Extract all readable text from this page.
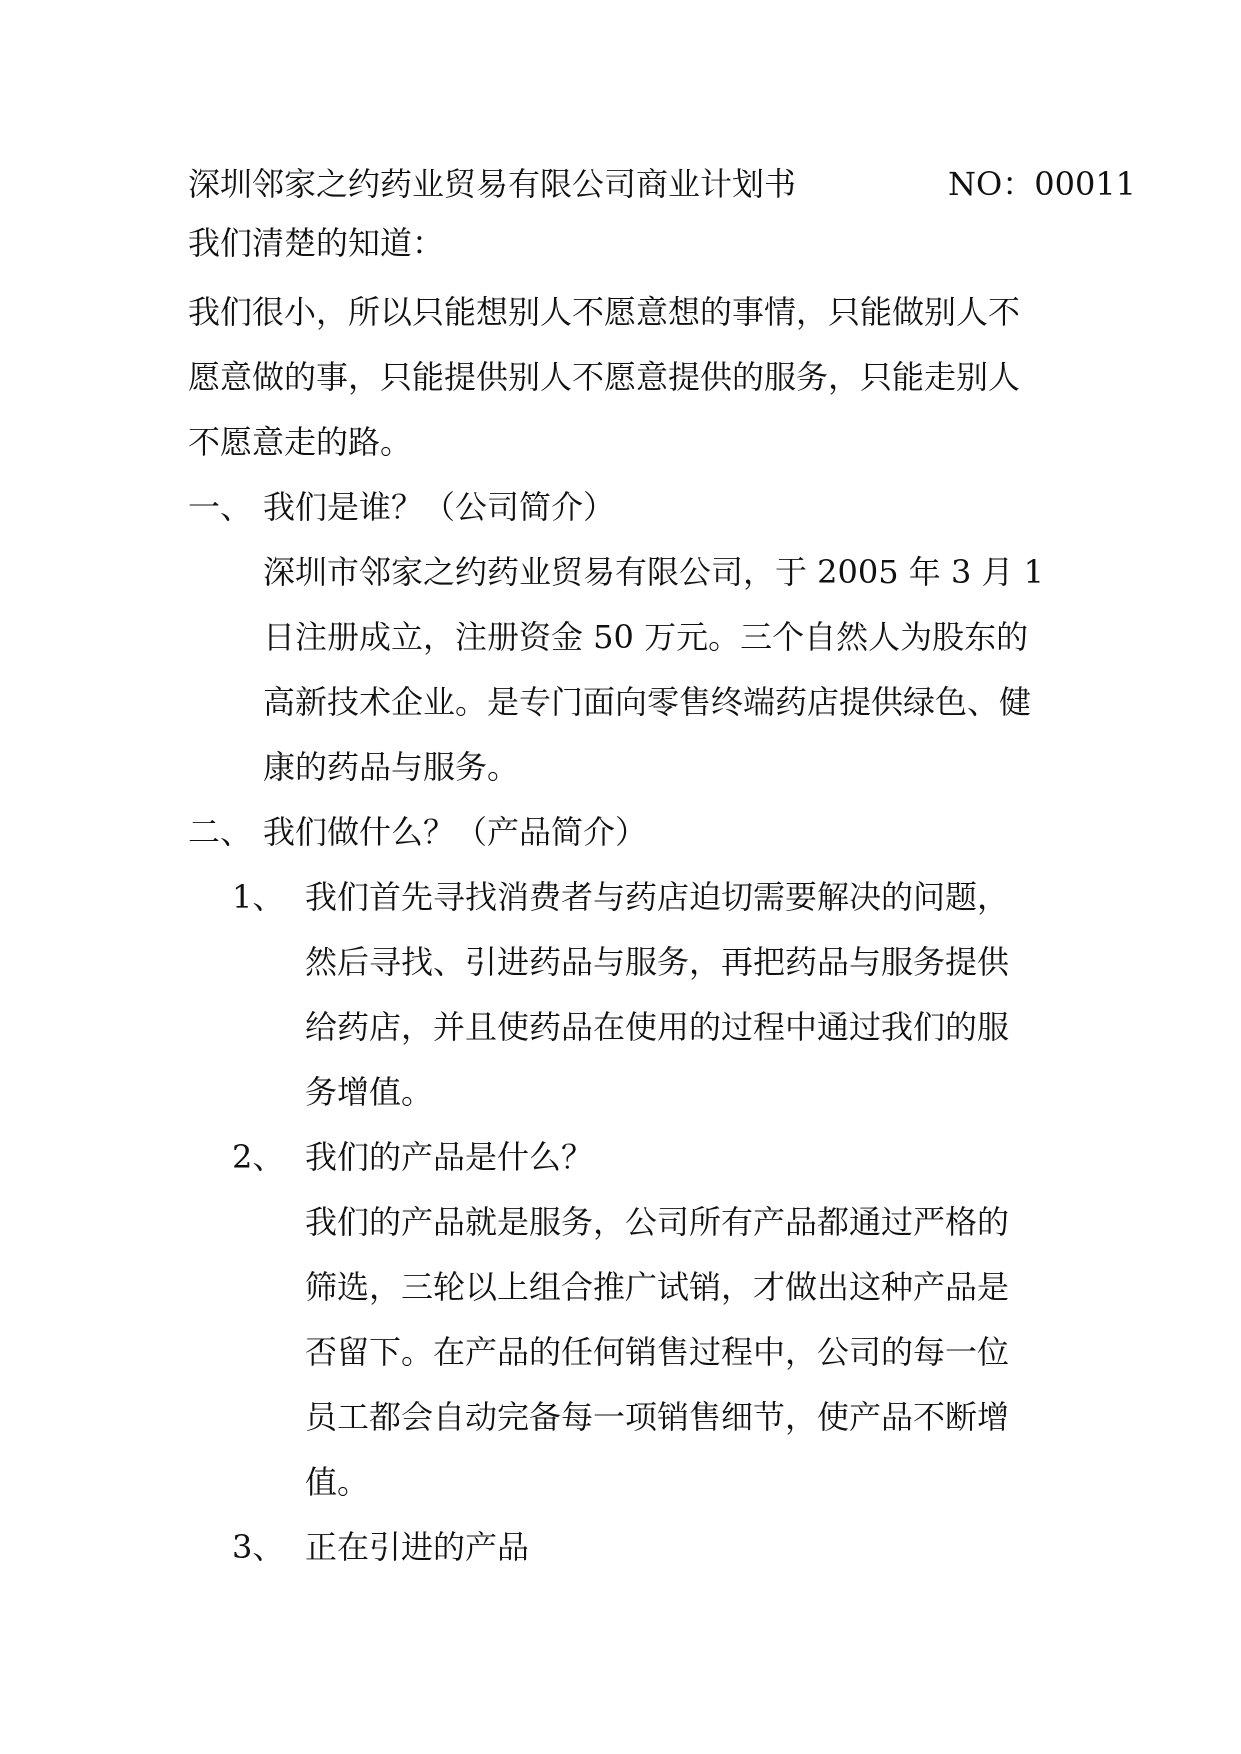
深圳邻家之约药业贸易有限公司商业计划书	NO：00011
我们清楚的知道：
我们很小，所以只能想别人不愿意想的事情，只能做别人不
愿意做的事，只能提供别人不愿意提供的服务，只能走别人
不愿意走的路。
一、 我们是谁？（公司简介）
深圳市邻家之约药业贸易有限公司，于 2005 年 3 月 1
日注册成立，注册资金 50 万元。三个自然人为股东的
高新技术企业。是专门面向零售终端药店提供绿色、健
康的药品与服务。
二、 我们做什么？（产品简介）
1、 我们首先寻找消费者与药店迫切需要解决的问题，
然后寻找、引进药品与服务，再把药品与服务提供
给药店，并且使药品在使用的过程中通过我们的服
务增值。
2、 我们的产品是什么？
我们的产品就是服务，公司所有产品都通过严格的
筛选，三轮以上组合推广试销，才做出这种产品是
否留下。在产品的任何销售过程中，公司的每一位
员工都会自动完备每一项销售细节，使产品不断增
值。
3、 正在引进的产品
